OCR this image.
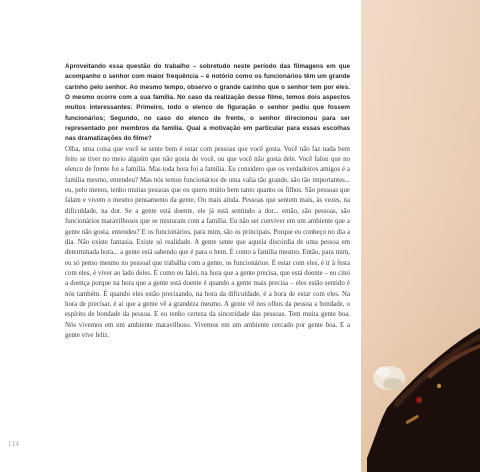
Aproveitando essa questão do trabalho – sobretudo neste período das filmagens em que acompanho o senhor com maior frequência – é notório como os funcionários têm um grande carinho pelo senhor. Ao mesmo tempo, observo o grande carinho que o senhor tem por eles. O mesmo ocorre com a sua família. No caso da realização desse filme, temos dois aspectos muitos interessantes: Primeiro, todo o elenco de figuração o senhor pediu que fossem funcionários; Segundo, no caso do elenco de frente, o senhor direcionou para ser representado por membros da família. Qual a motivação em particular para essas escolhas nas dramatizações do filme?

Olha, uma coisa que você se sente bem é estar com pessoas que você gosta. Você não faz nada bem feito se tiver no meio alguém que não gosta de você, ou que você não gosta dele. Você falou que no elenco de frente foi a família. Mas toda hora foi a família. Eu considero que os verdadeiros amigos é a família mesmo, entendeu? Mas nós temos funcionários de uma valia tão grande, são tão importantes... eu, pelo menos, tenho muitas pessoas que eu quero muito bem tanto quanto os filhos. São pessoas que falam e vivem o mesmo pensamento da gente. Ou mais ainda. Pessoas que sentem mais, às vezes, na dificuldade, na dor. Se a gente está doente, ele já está sentindo a dor... então, são pessoas, são funcionários maravilhosos que se misturam com a família. Eu não sei conviver em um ambiente que a gente não gosta, entendeu? E os funcionários, para mim, são os principais. Porque eu conheço no dia a dia. Não existe fantasia. Existe só realidade. A gente sente que aquela discórdia de uma pessoa em determinada hora... a gente está sabendo que é para o bem. É como a família mesmo. Então, para mim, eu só penso mesmo no pessoal que trabalha com a gente, os funcionários. É estar com eles, é ir à festa com eles, é viver ao lado deles. É como eu falei, na hora que a gente precisa, que está doente – eu citei a doença porque na hora que a gente está doente é quando a gente mais precisa – eles estão sentido é nós também. É quando eles estão precisando, na hora da dificuldade, é a hora de estar com eles. Na hora de precisar, é aí que a gente vê a grandeza mesmo. A gente vê nos olhos da pessoa a bondade, o espírito de bondade da pessoa. E eu tenho certeza da sinceridade das pessoas. Tem muita gente boa. Nós vivemos em um ambiente maravilhoso. Vivemos em um ambiente cercado por gente boa. E a gente vive feliz.

114
